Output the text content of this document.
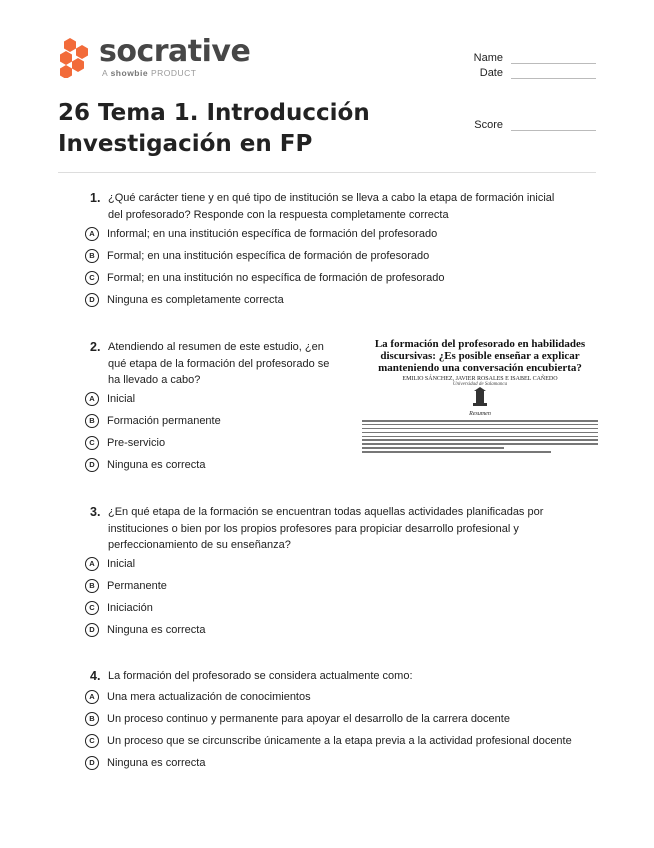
socrative
A showbie PRODUCT
Name
Date
Score
26 Tema 1. Introducción
Investigación en FP
1. ¿Qué carácter tiene y en qué tipo de institución se lleva a cabo la etapa de formación inicial
del profesorado? Responde con la respuesta completamente correcta
A	Informal; en una institución específica de formación del profesorado
B	Formal; en una institución específica de formación de profesorado
C	Formal; en una institución no específica de formación de profesorado
D	Ninguna es completamente correcta
2. Atendiendo al resumen de este estudio, ¿en
qué etapa de la formación del profesorado se
ha llevado a cabo?
A	Inicial
B	Formación permanente
C	Pre-servicio
D	Ninguna es correcta
La formación del profesorado en habilidades
discursivas: ¿Es posible enseñar a explicar
manteniendo una conversación encubierta?
EMILIO SÁNCHEZ, JAVIER ROSALES E ISABEL CAÑEDO
Universidad de Salamanca
Resumen
3. ¿En qué etapa de la formación se encuentran todas aquellas actividades planificadas por
instituciones o bien por los propios profesores para propiciar desarrollo profesional y
perfeccionamiento de su enseñanza?
A	Inicial
B	Permanente
C	Iniciación
D	Ninguna es correcta
4. La formación del profesorado se considera actualmente como:
A	Una mera actualización de conocimientos
B	Un proceso continuo y permanente para apoyar el desarrollo de la carrera docente
C	Un proceso que se circunscribe únicamente a la etapa previa a la actividad profesional docente
D	Ninguna es correcta
